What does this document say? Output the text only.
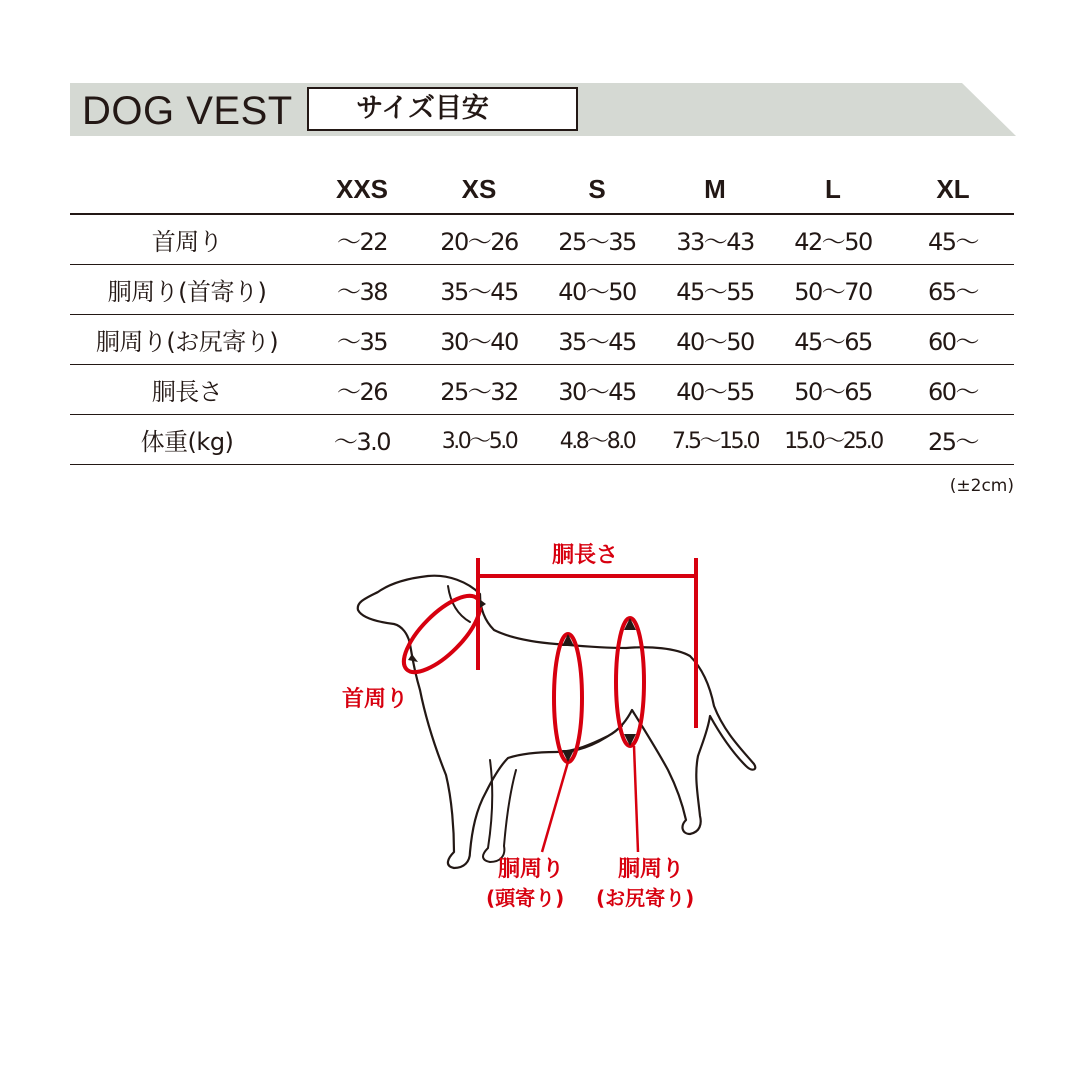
DOG VEST	サイズ目安
	XXS	XS	S	M	L	XL
首周り	〜22	20〜26	25〜35	33〜43	42〜50	45〜
胴周り(首寄り)	〜38	35〜45	40〜50	45〜55	50〜70	65〜
胴周り(お尻寄り)	〜35	30〜40	35〜45	40〜50	45〜65	60〜
胴長さ	〜26	25〜32	30〜45	40〜55	50〜65	60〜
体重(kg)	〜3.0	3.0〜5.0	4.8〜8.0	7.5〜15.0	15.0〜25.0	25〜
(±2cm)
胴長さ
首周り
胴周り
(頭寄り)
胴周り
(お尻寄り)
